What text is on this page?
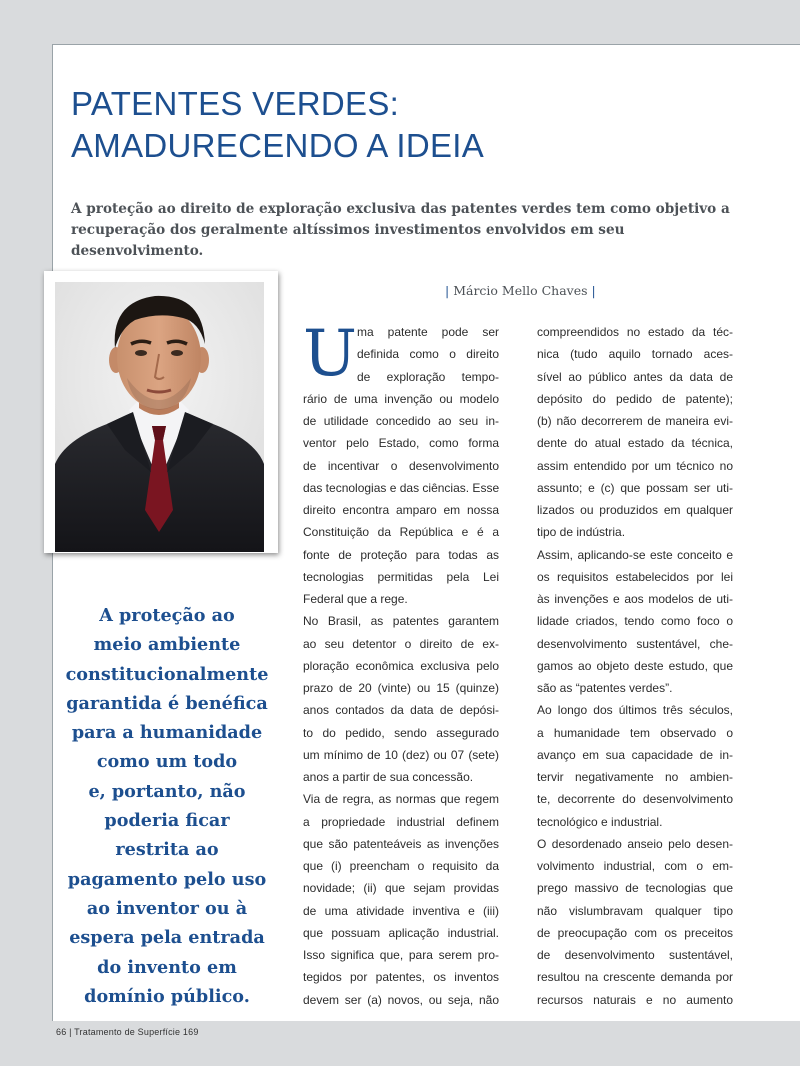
PATENTES VERDES:
AMADURECENDO A IDEIA

A proteção ao direito de exploração exclusiva das patentes verdes tem como objetivo a recuperação dos geralmente altíssimos investimentos envolvidos em seu desenvolvimento.

| Márcio Mello Chaves |
A proteção ao
meio ambiente
constitucionalmente
garantida é benéfica
para a humanidade
como um todo
e, portanto, não
poderia ficar
restrita ao
pagamento pelo uso
ao inventor ou à
espera pela entrada
do invento em
domínio público.
U ma patente pode ser
definida como o direito
de exploração tempo-
rário de uma invenção ou modelo
de utilidade concedido ao seu in-
ventor pelo Estado, como forma
de incentivar o desenvolvimento
das tecnologias e das ciências. Esse
direito encontra amparo em nossa
Constituição da República e é a
fonte de proteção para todas as
tecnologias permitidas pela Lei
Federal que a rege.
No Brasil, as patentes garantem
ao seu detentor o direito de ex-
ploração econômica exclusiva pelo
prazo de 20 (vinte) ou 15 (quinze)
anos contados da data de depósi-
to do pedido, sendo assegurado
um mínimo de 10 (dez) ou 07 (sete)
anos a partir de sua concessão.
Via de regra, as normas que regem
a propriedade industrial definem
que são patenteáveis as invenções
que (i) preencham o requisito da
novidade; (ii) que sejam providas
de uma atividade inventiva e (iii)
que possuam aplicação industrial.
Isso significa que, para serem pro-
tegidos por patentes, os inventos
devem ser (a) novos, ou seja, não
compreendidos no estado da téc-
nica (tudo aquilo tornado aces-
sível ao público antes da data de
depósito do pedido de patente);
(b) não decorrerem de maneira evi-
dente do atual estado da técnica,
assim entendido por um técnico no
assunto; e (c) que possam ser uti-
lizados ou produzidos em qualquer
tipo de indústria.
Assim, aplicando-se este conceito e
os requisitos estabelecidos por lei
às invenções e aos modelos de uti-
lidade criados, tendo como foco o
desenvolvimento sustentável, che-
gamos ao objeto deste estudo, que
são as “patentes verdes”.
Ao longo dos últimos três séculos,
a humanidade tem observado o
avanço em sua capacidade de in-
tervir negativamente no ambien-
te, decorrente do desenvolvimento
tecnológico e industrial.
O desordenado anseio pelo desen-
volvimento industrial, com o em-
prego massivo de tecnologias que
não vislumbravam qualquer tipo
de preocupação com os preceitos
de desenvolvimento sustentável,
resultou na crescente demanda por
recursos naturais e no aumento
66 | Tratamento de Superfície 169
